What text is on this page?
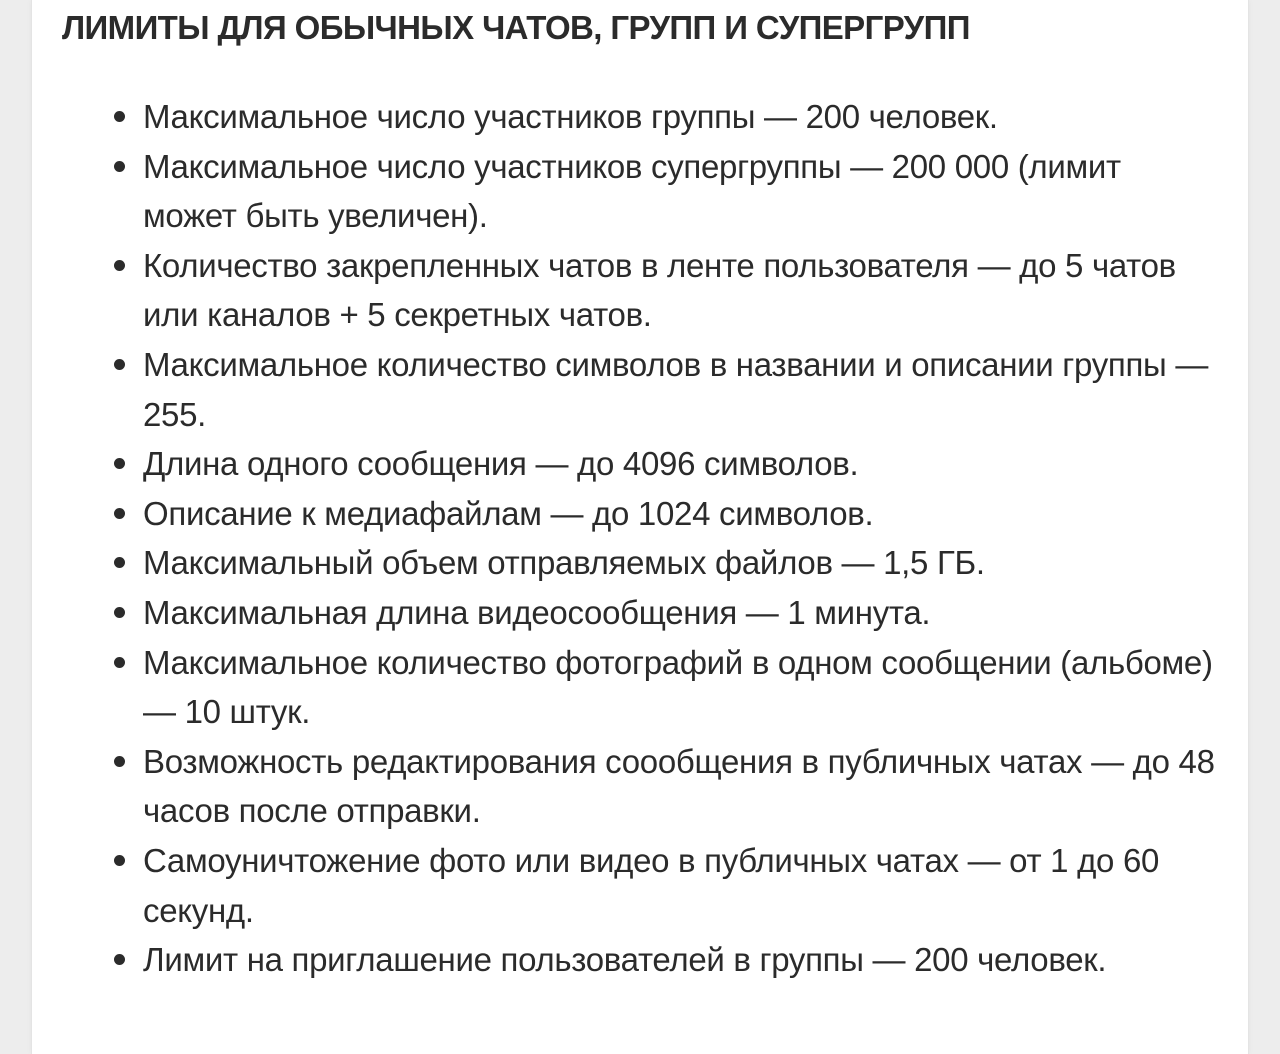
ЛИМИТЫ ДЛЯ ОБЫЧНЫХ ЧАТОВ, ГРУПП И СУПЕРГРУПП
Максимальное число участников группы — 200 человек.
Максимальное число участников супергруппы — 200 000 (лимит может быть увеличен).
Количество закрепленных чатов в ленте пользователя — до 5 чатов или каналов + 5 секретных чатов.
Максимальное количество символов в названии и описании группы — 255.
Длина одного сообщения — до 4096 символов.
Описание к медиафайлам — до 1024 символов.
Максимальный объем отправляемых файлов — 1,5 ГБ.
Максимальная длина видеосообщения — 1 минута.
Максимальное количество фотографий в одном сообщении (альбоме) — 10 штук.
Возможность редактирования соообщения в публичных чатах — до 48 часов после отправки.
Самоуничтожение фото или видео в публичных чатах — от 1 до 60 секунд.
Лимит на приглашение пользователей в группы — 200 человек.
